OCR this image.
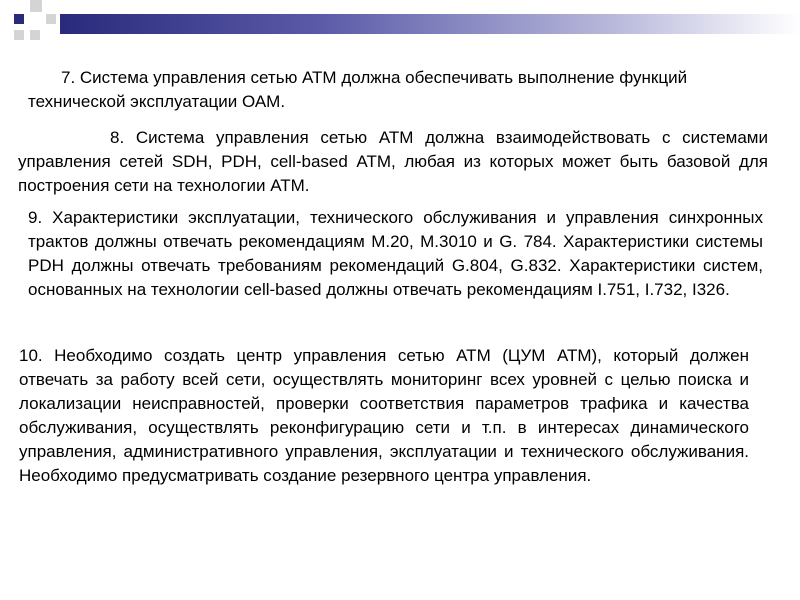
7. Система управления сетью АТМ должна обеспечивать выполнение функций технической эксплуатации ОАМ.

8. Система управления сетью АТМ должна взаимодействовать с системами управления сетей SDH, PDH, cell-based АТМ, любая из которых может быть базовой для построения сети на технологии АТМ.

9. Характеристики эксплуатации, технического обслуживания и управления синхронных трактов должны отвечать рекомендациям М.20, М.3010 и G. 784. Характеристики системы PDH должны отвечать требованиям рекомендаций G.804, G.832. Характеристики систем, основанных на технологии cell-based должны отвечать рекомендациям I.751, I.732, I326.

10. Необходимо создать центр управления сетью АТМ (ЦУМ АТМ), который должен отвечать за работу всей сети, осуществлять мониторинг всех уровней с целью поиска и локализации неисправностей, проверки соответствия параметров трафика и качества обслуживания, осуществлять реконфигурацию сети и т.п. в интересах динамического управления, административного управления, эксплуатации и технического обслуживания. Необходимо предусматривать создание резервного центра управления.
